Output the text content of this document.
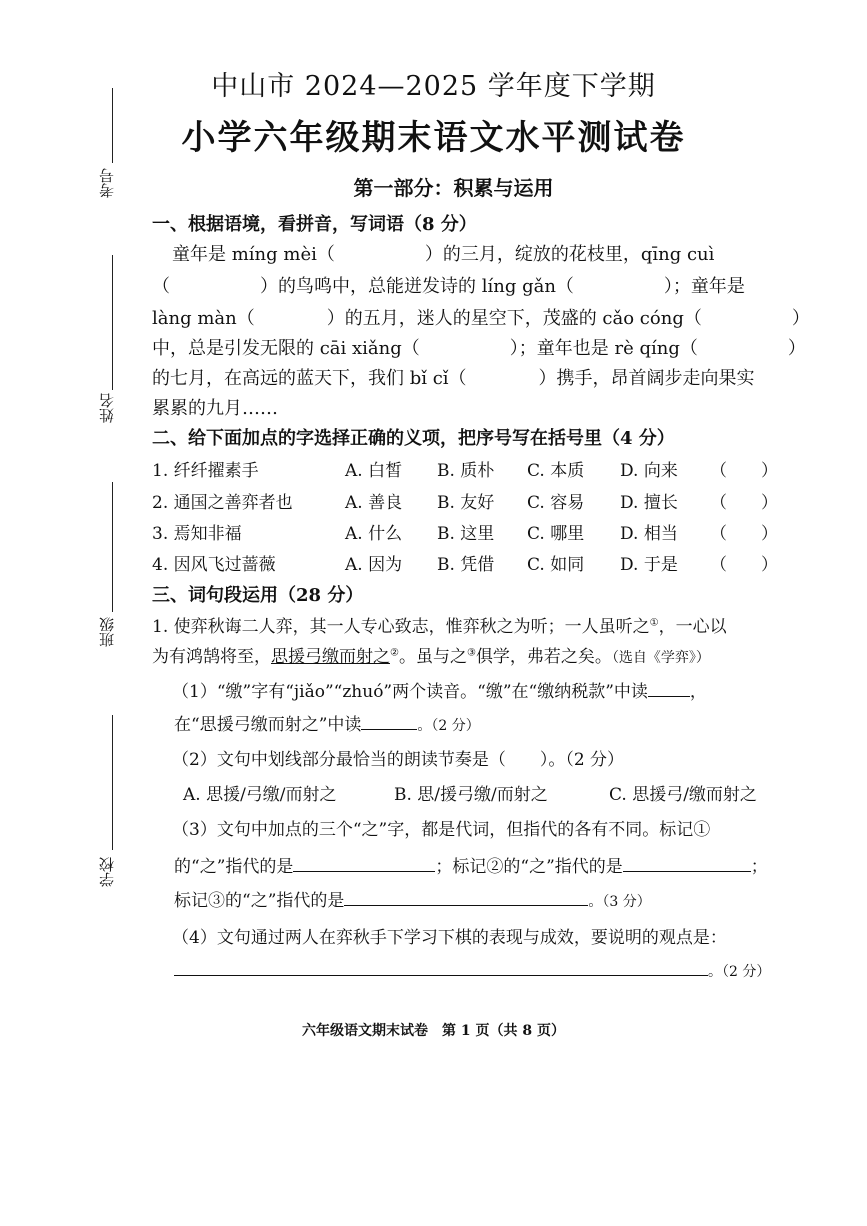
考号
姓名
班级
学校
中山市 2024—2025 学年度下学期
小学六年级期末语文水平测试卷
第一部分：积累与运用
一、根据语境，看拼音，写词语（8 分）
童年是 míng mèi（　　　　　）的三月，绽放的花枝里，qīng cuì
（　　　　　）的鸟鸣中，总能迸发诗的 líng gǎn（　　　　　）；童年是
làng màn（　　　　）的五月，迷人的星空下，茂盛的 cǎo cóng（　　　　　）
中，总是引发无限的 cāi xiǎng（　　　　　）；童年也是 rè qíng（　　　　　）
的七月，在高远的蓝天下，我们 bǐ cǐ（　　　　）携手，昂首阔步走向果实
累累的九月……
二、给下面加点的字选择正确的义项，把序号写在括号里（4 分）
1. 纤纤擢素手	A. 白皙 B. 质朴 C. 本质 D. 向来 （　　）
2. 通国之善弈者也	A. 善良 B. 友好 C. 容易 D. 擅长 （　　）
3. 焉知非福	A. 什么 B. 这里 C. 哪里 D. 相当 （　　）
4. 因风飞过蔷薇	A. 因为 B. 凭借 C. 如同 D. 于是 （　　）
三、词句段运用（28 分）
1. 使弈秋诲二人弈，其一人专心致志，惟弈秋之为听；一人虽听之①，一心以
为有鸿鹄将至，思援弓缴而射之②。虽与之③俱学，弗若之矣。（选自《学弈》）
（1）“缴”字有“jiǎo”“zhuó”两个读音。“缴”在“缴纳税款”中读 ，
在“思援弓缴而射之”中读	。（2 分）
（2）文句中划线部分最恰当的朗读节奏是（　　）。（2 分）
A. 思援/弓缴/而射之	B. 思/援弓缴/而射之	C. 思援弓/缴而射之
（3）文句中加点的三个“之”字，都是代词，但指代的各有不同。标记①
的“之”指代的是	；标记②的“之”指代的是	；
标记③的“之”指代的是	。（3 分）
（4）文句通过两人在弈秋手下学习下棋的表现与成效，要说明的观点是：
。（2 分）
六年级语文期末试卷　第 1 页（共 8 页）
